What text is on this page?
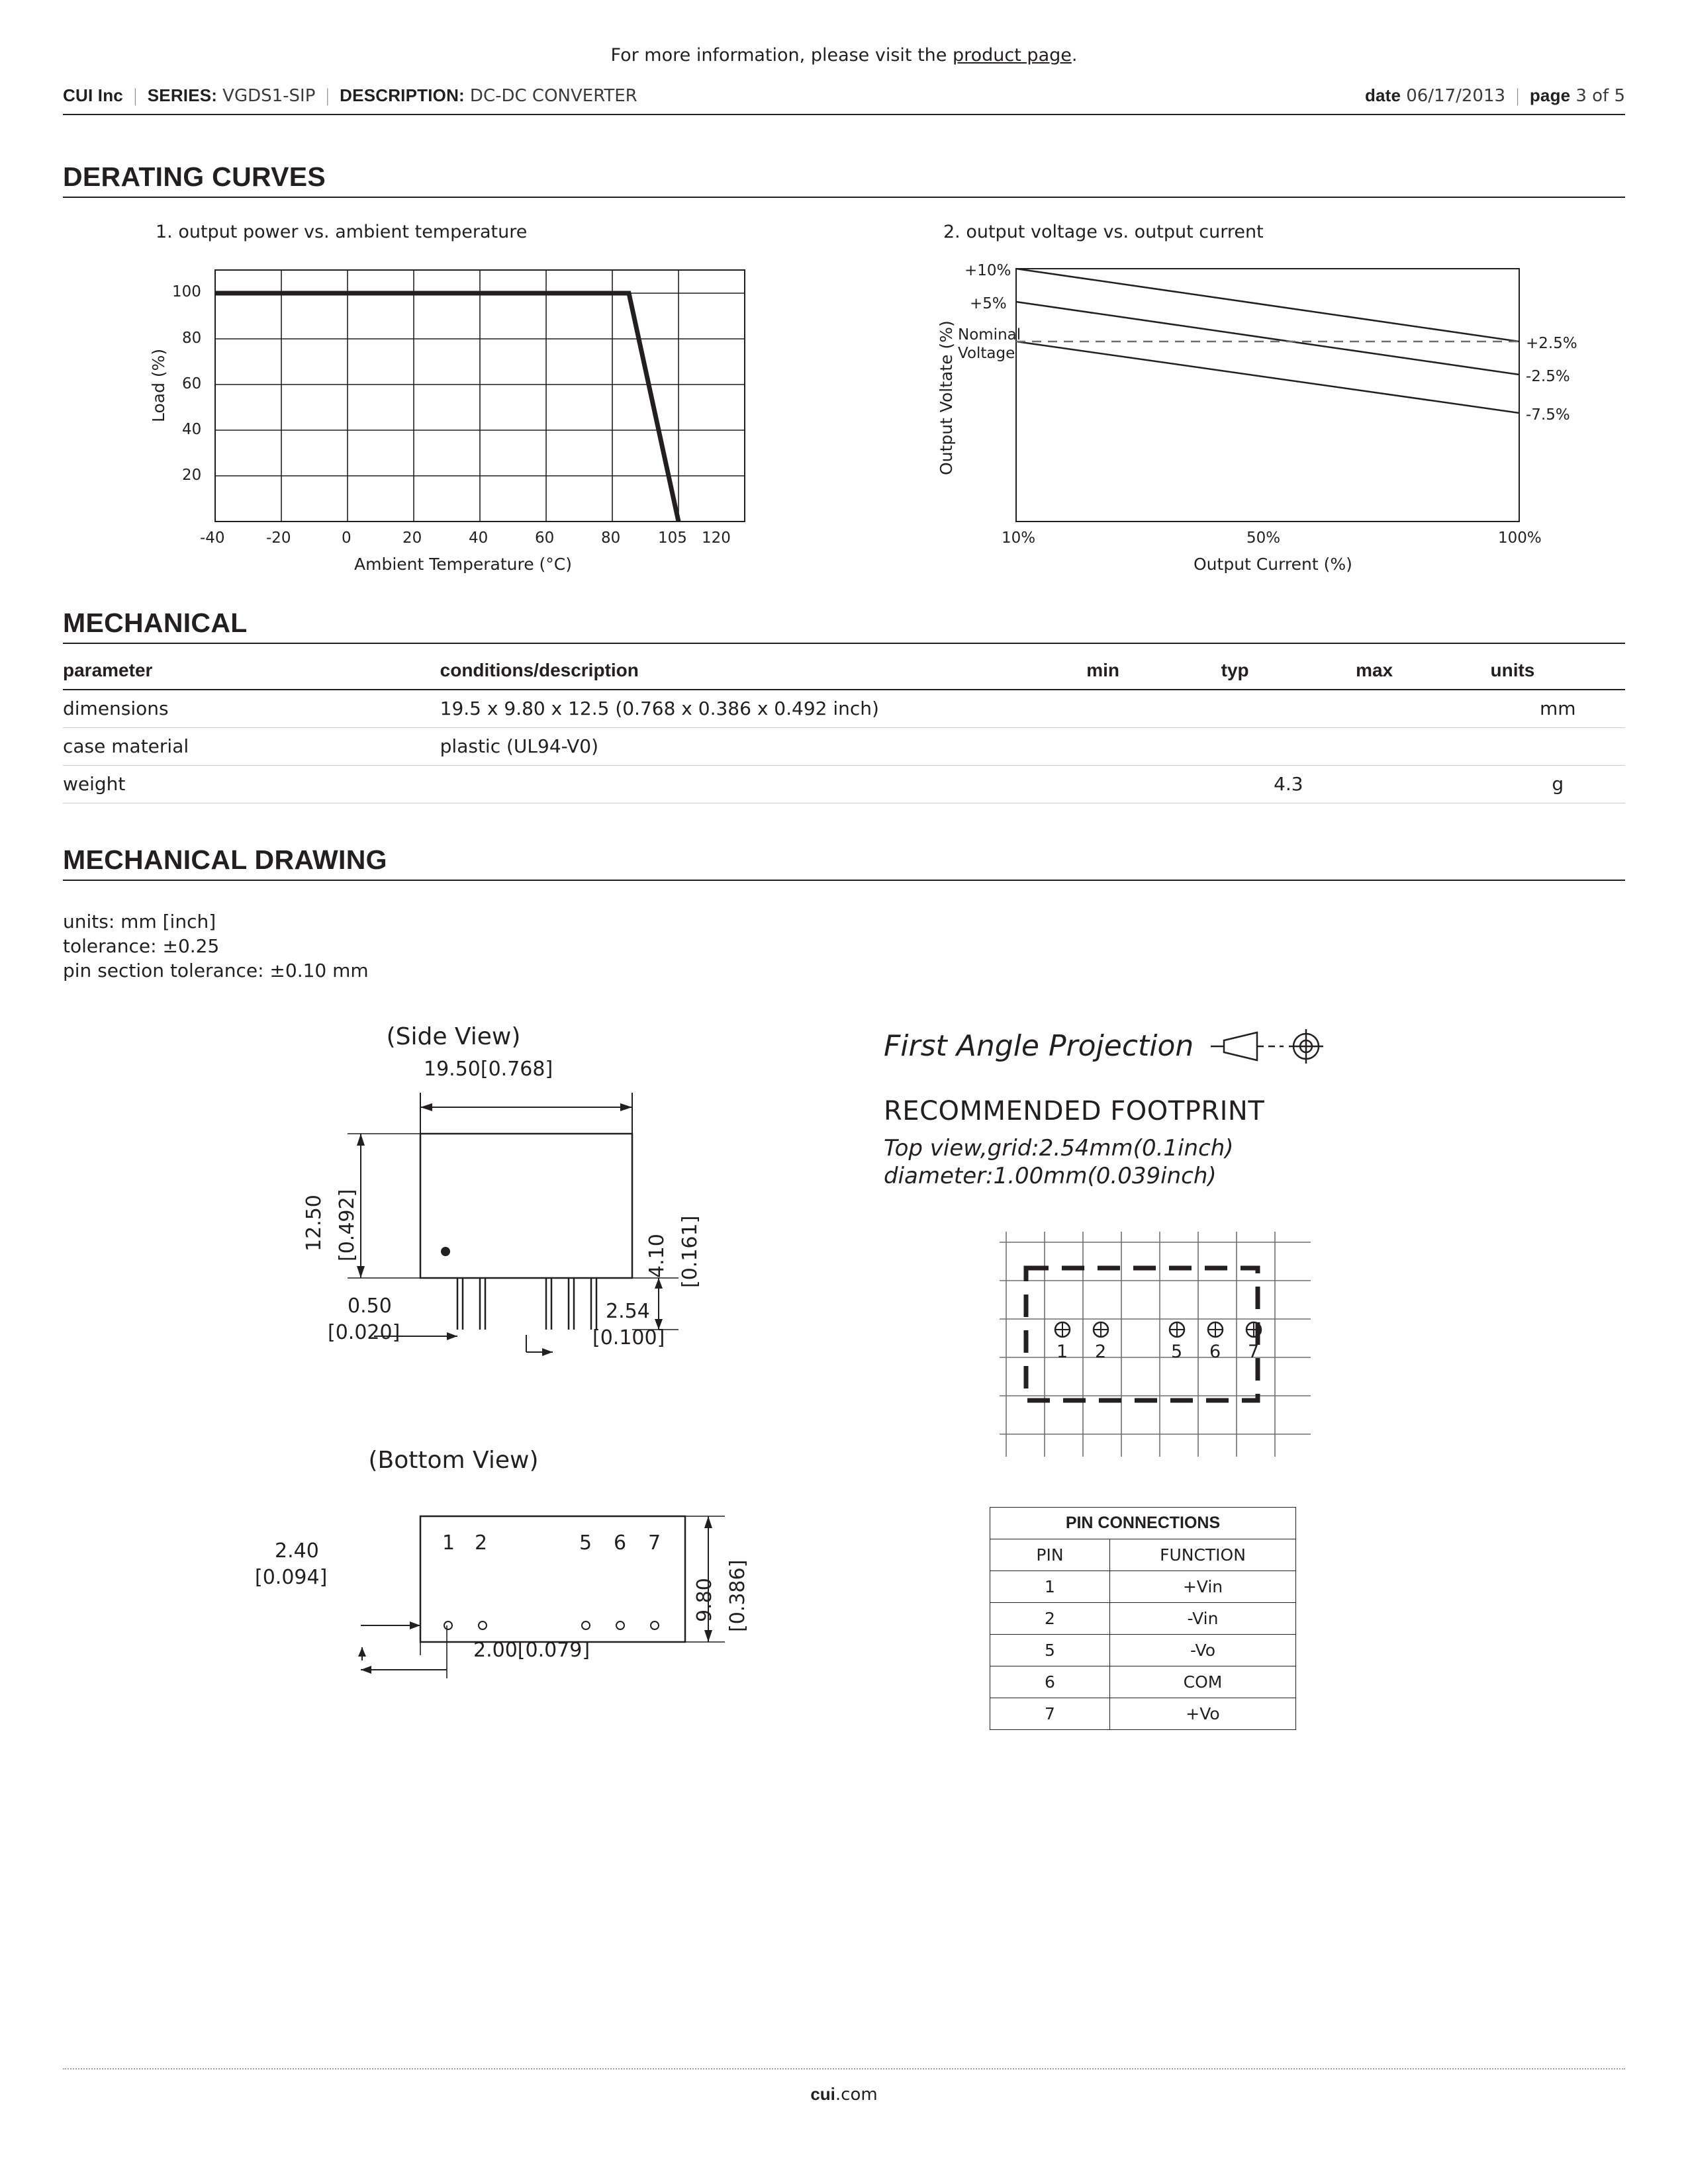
For more information, please visit the product page.
CUI Inc | SERIES: VGDS1-SIP | DESCRIPTION: DC-DC CONVERTER	date 06/17/2013 | page 3 of 5
DERATING CURVES
1. output power vs. ambient temperature
100
80
60
40
20
-40	-20	0	20	40	60	80 105 120
Load (%)
Ambient Temperature (°C)
2. output voltage vs. output current
+10%
+5%
Nominal
Voltage
+2.5%
-2.5%
-7.5%
10%	50%	100%
Output Voltate (%)
Output Current (%)
MECHANICAL
parameter	conditions/description	min	typ	max	units
dimensions	19.5 x 9.80 x 12.5 (0.768 x 0.386 x 0.492 inch)				mm
case material	plastic (UL94-V0)				
weight			4.3		g
MECHANICAL DRAWING
units: mm [inch]
tolerance: ±0.25
pin section tolerance: ±0.10 mm
(Side View)
19.50[0.768]
12.50 [0.492]	4.10 [0.161]
0.50
[0.020]
2.54
[0.100]
(Bottom View)
2.40
[0.094]
2.00[0.079]
9.80 [0.386]
1 2	5 6 7
First Angle Projection
RECOMMENDED FOOTPRINT
Top view,grid:2.54mm(0.1inch)
diameter:1.00mm(0.039inch)
1 2	5 6 7
PIN CONNECTIONS	
PIN	FUNCTION
1	+Vin
2	-Vin
5	-Vo
6	COM
7	+Vo
cui.com
